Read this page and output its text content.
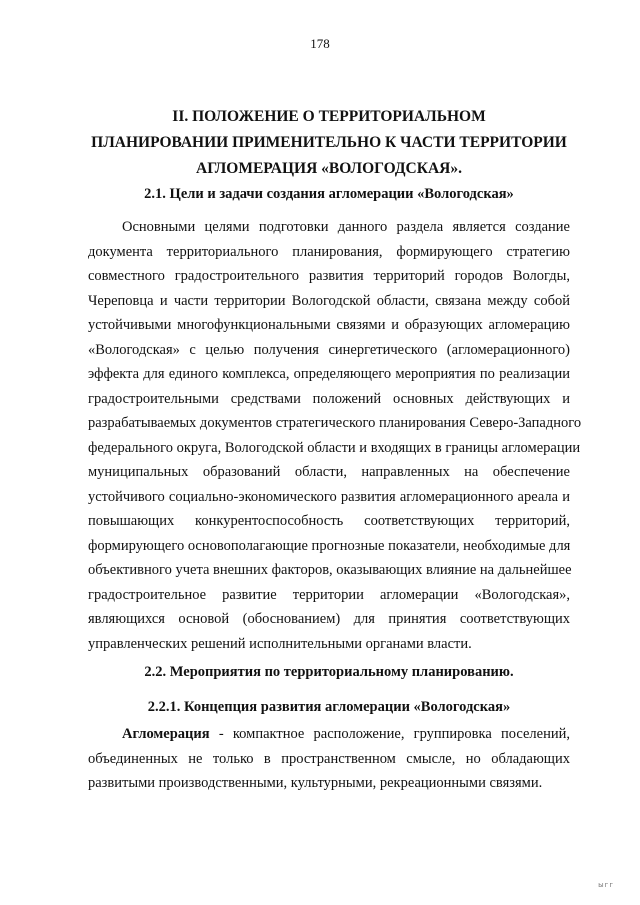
178
II. ПОЛОЖЕНИЕ О ТЕРРИТОРИАЛЬНОМ
ПЛАНИРОВАНИИ ПРИМЕНИТЕЛЬНО К ЧАСТИ ТЕРРИТОРИИ
АГЛОМЕРАЦИЯ «ВОЛОГОДСКАЯ».
2.1. Цели и задачи создания агломерации «Вологодская»
Основными целями подготовки данного раздела является создание
документа территориального планирования, формирующего стратегию
совместного градостроительного развития территорий городов Вологды,
Череповца и части территории Вологодской области, связана между собой
устойчивыми многофункциональными связями и образующих агломерацию
«Вологодская» с целью получения синергетического (агломерационного)
эффекта для единого комплекса, определяющего мероприятия по реализации
градостроительными средствами положений основных действующих и
разрабатываемых документов стратегического планирования Северо-Западного
федерального округа, Вологодской области и входящих в границы агломерации
муниципальных образований области, направленных на обеспечение
устойчивого социально-экономического развития агломерационного ареала и
повышающих конкурентоспособность соответствующих территорий,
формирующего основополагающие прогнозные показатели, необходимые для
объективного учета внешних факторов, оказывающих влияние на дальнейшее
градостроительное развитие территории агломерации «Вологодская»,
являющихся основой (обоснованием) для принятия соответствующих
управленческих решений исполнительными органами власти.
2.2. Мероприятия по территориальному планированию.
2.2.1. Концепция развития агломерации «Вологодская»
Агломерация - компактное расположение, группировка поселений,
объединенных не только в пространственном смысле, но обладающих
развитыми производственными, культурными, рекреационными связями.
ыгг
